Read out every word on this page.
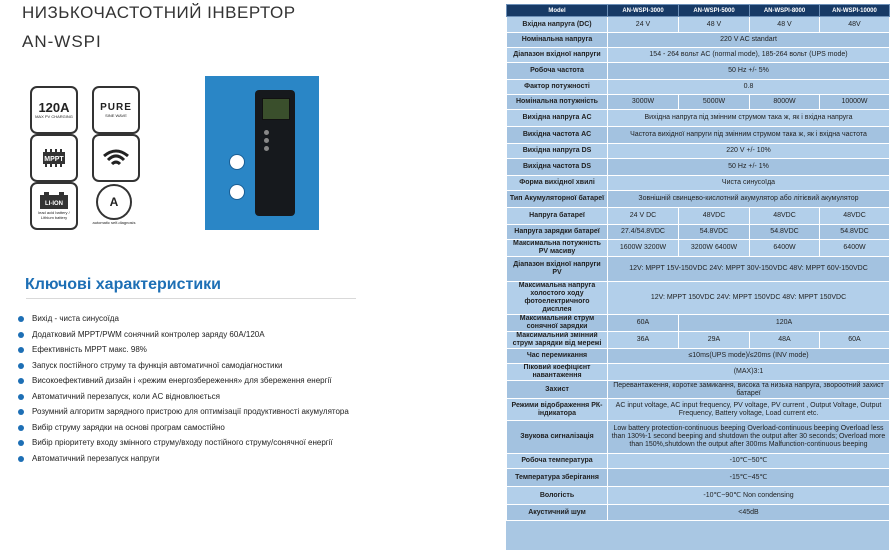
НИЗЬКОЧАСТОТНИЙ ІНВЕРТОР
AN-WSPI
120A
MAX PV CHARGING
PURE
SINE WAVE
MPPT
LI-ION
lead acid battery / Lithium battery
A
automatic self-diagnosis
Ключові характеристики
Вихід - чиста синусоїда
Додатковий MPPT/PWM сонячний контролер заряду 60A/120A
Ефективність MPPT макс. 98%
Запуск постійного струму та функція автоматичної самодіагностики
Високоефективний дизайн і «режим енергозбереження» для збереження енергії
Автоматичний перезапуск, коли AC відновлюється
Розумний алгоритм зарядного пристрою для оптимізації продуктивності акумулятора
Вибір струму зарядки на основі програм самостійно
Вибір пріоритету входу змінного струму/входу постійного струму/сонячної енергії
Автоматичний перезапуск напруги
Model	AN-WSPI-3000	AN-WSPI-5000	AN-WSPI-8000	AN-WSPI-10000
Вхідна напруга (DC)	24 V	48 V	48 V	48V
Номінальна напруга	220 V AC standart			
Діапазон вхідної напруги	154 - 264 вольт AC (normal mode), 185-264 вольт (UPS mode)			
Робоча частота	50 Hz +/- 5%			
Фактор потужності	0.8			
Номінальна потужність	3000W	5000W	8000W	10000W
Вихідна напруга AC	Вихідна напруга під змінним струмом така ж, як і вхідна напруга			
Вихідна частота AC	Частота вихідної напруги під змінним струмом така ж, як і вхідна частота			
Вихідна напруга DS	220 V +/- 10%			
Вихідна частота DS	50 Hz +/- 1%			
Форма вихідної хвилі	Чиста синусоїда			
Тип Акумуляторної батареї	Зовнішній свинцево-кислотний акумулятор або літієвий акумулятор			
Напруга батареї	24 V DC	48VDC	48VDC	48VDC
Напруга зарядки батареї	27.4/54.8VDC	54.8VDC	54.8VDC	54.8VDC
Максимальна потужність PV масиву	1600W 3200W	3200W 6400W	6400W	6400W
Діапазон вхідної напруги PV	12V: MPPT 15V-150VDC 24V: MPPT 30V-150VDC 48V: MPPT 60V-150VDC			
Максимальна напруга холостого ходу фотоелектричного дисплея	12V: MPPT 150VDC 24V: MPPT 150VDC 48V: MPPT 150VDC			
Максимальний струм сонячної зарядки	60A	120A		
Максимальний змінний струм зарядки від мережі	36A	29A	48A	60A
Час перемикання	≤10ms(UPS mode)/≤20ms (INV mode)			
Піковий коефіцієнт навантаження	(MAX)3:1			
Захист	Перевантаження, коротке замикання, висока та низька напруга, звороотний захист батареї			
Режими відображення РК-індикатора	AC input voltage, AC input frequency, PV voltage, PV current , Output Voltage, Output Frequency, Battery voltage, Load current etc.			
Звукова сигналізація	Low battery protection-continuous beeping Overload-continuous beeping Overload less than 130%-1 second beeping and shutdown the output after 30 seconds; Overload more than 150%,shutdown the output after 300ms Malfunction-continuous beeping			
Робоча температура	-10℃~50℃			
Температура зберігання	-15℃~45℃			
Вологість	-10℃~90℃ Non condensing			
Акустичний шум	<45dB			
